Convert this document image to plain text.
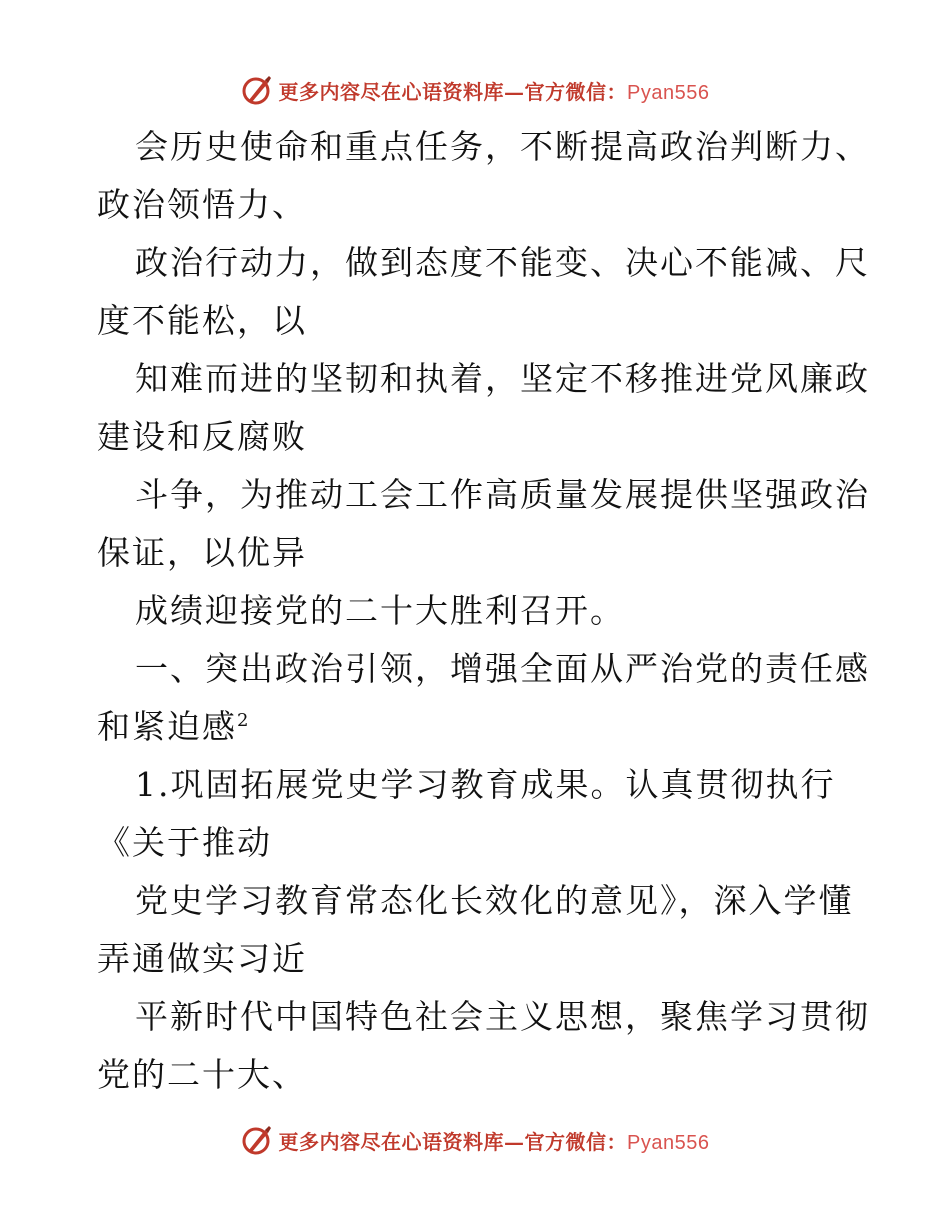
更多内容尽在心语资料库—官方微信：Pyan556
会历史使命和重点任务，不断提高政治判断力、
政治领悟力、
政治行动力，做到态度不能变、决心不能减、尺
度不能松，以
知难而进的坚韧和执着，坚定不移推进党风廉政
建设和反腐败
斗争，为推动工会工作高质量发展提供坚强政治
保证，以优异
成绩迎接党的二十大胜利召开。
一、突出政治引领，增强全面从严治党的责任感
和紧迫感$^2$
1.巩固拓展党史学习教育成果。认真贯彻执行
《关于推动
党史学习教育常态化长效化的意见》，深入学懂
弄通做实习近
平新时代中国特色社会主义思想，聚焦学习贯彻
党的二十大、
更多内容尽在心语资料库—官方微信：Pyan556
